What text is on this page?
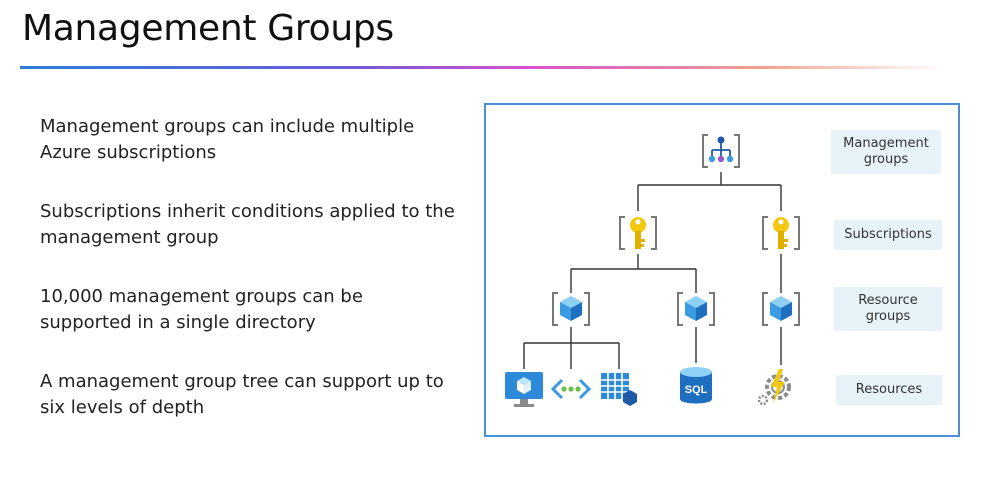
Management Groups
Management groups can include multiple Azure subscriptions
Subscriptions inherit conditions applied to the management group
10,000 management groups can be supported in a single directory
A management group tree can support up to six levels of depth
SQL
Management groups
Subscriptions
Resource groups
Resources
